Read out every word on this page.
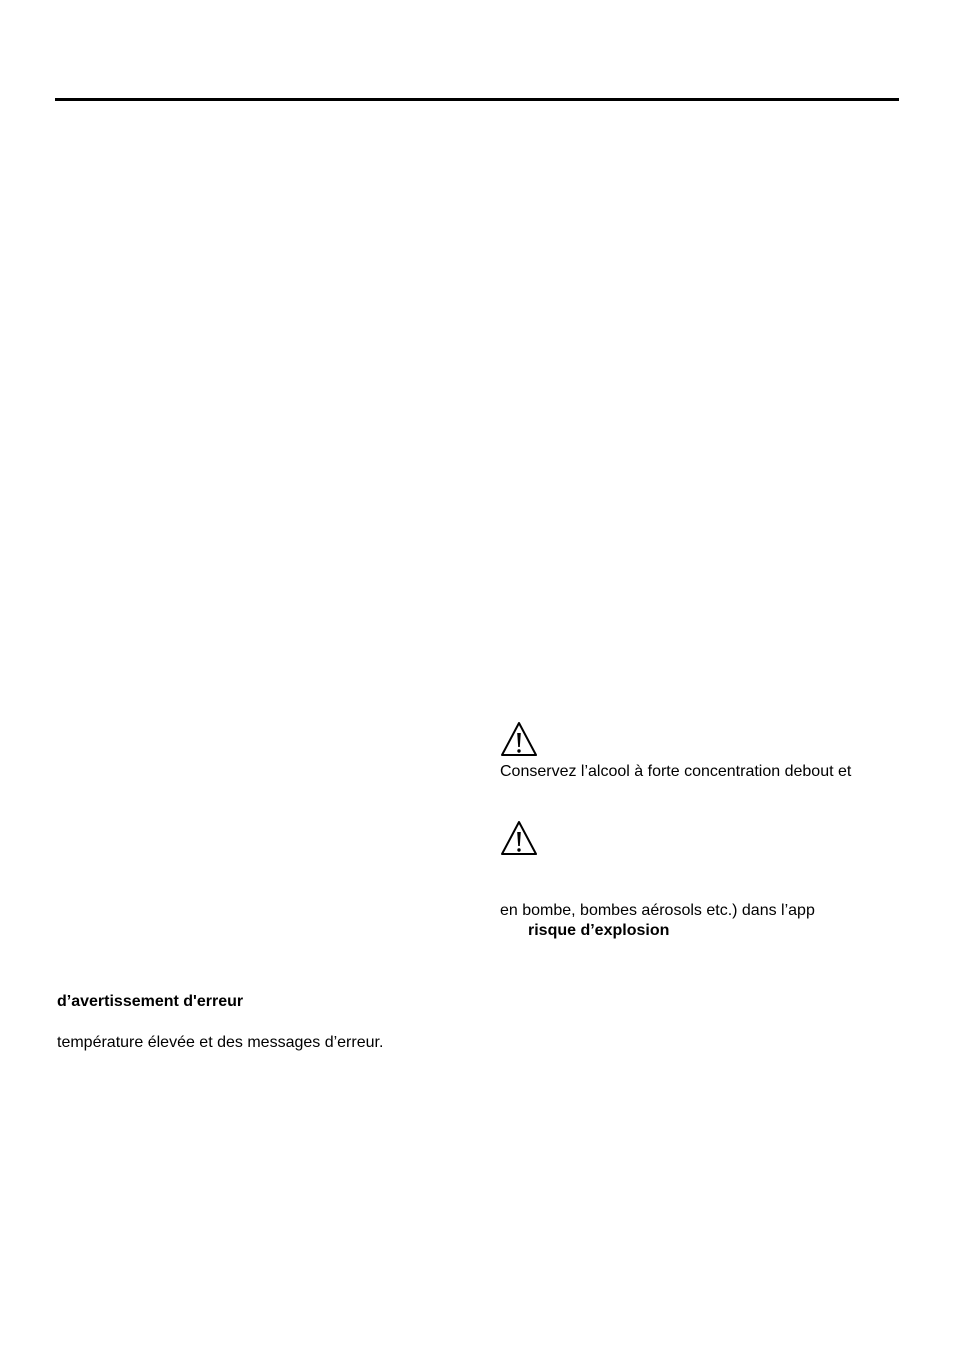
Conservez l’alcool à forte concentration debout et
en bombe, bombes aérosols etc.) dans l’app
risque d’explosion
d’avertissement d'erreur
température élevée et des messages d’erreur.
